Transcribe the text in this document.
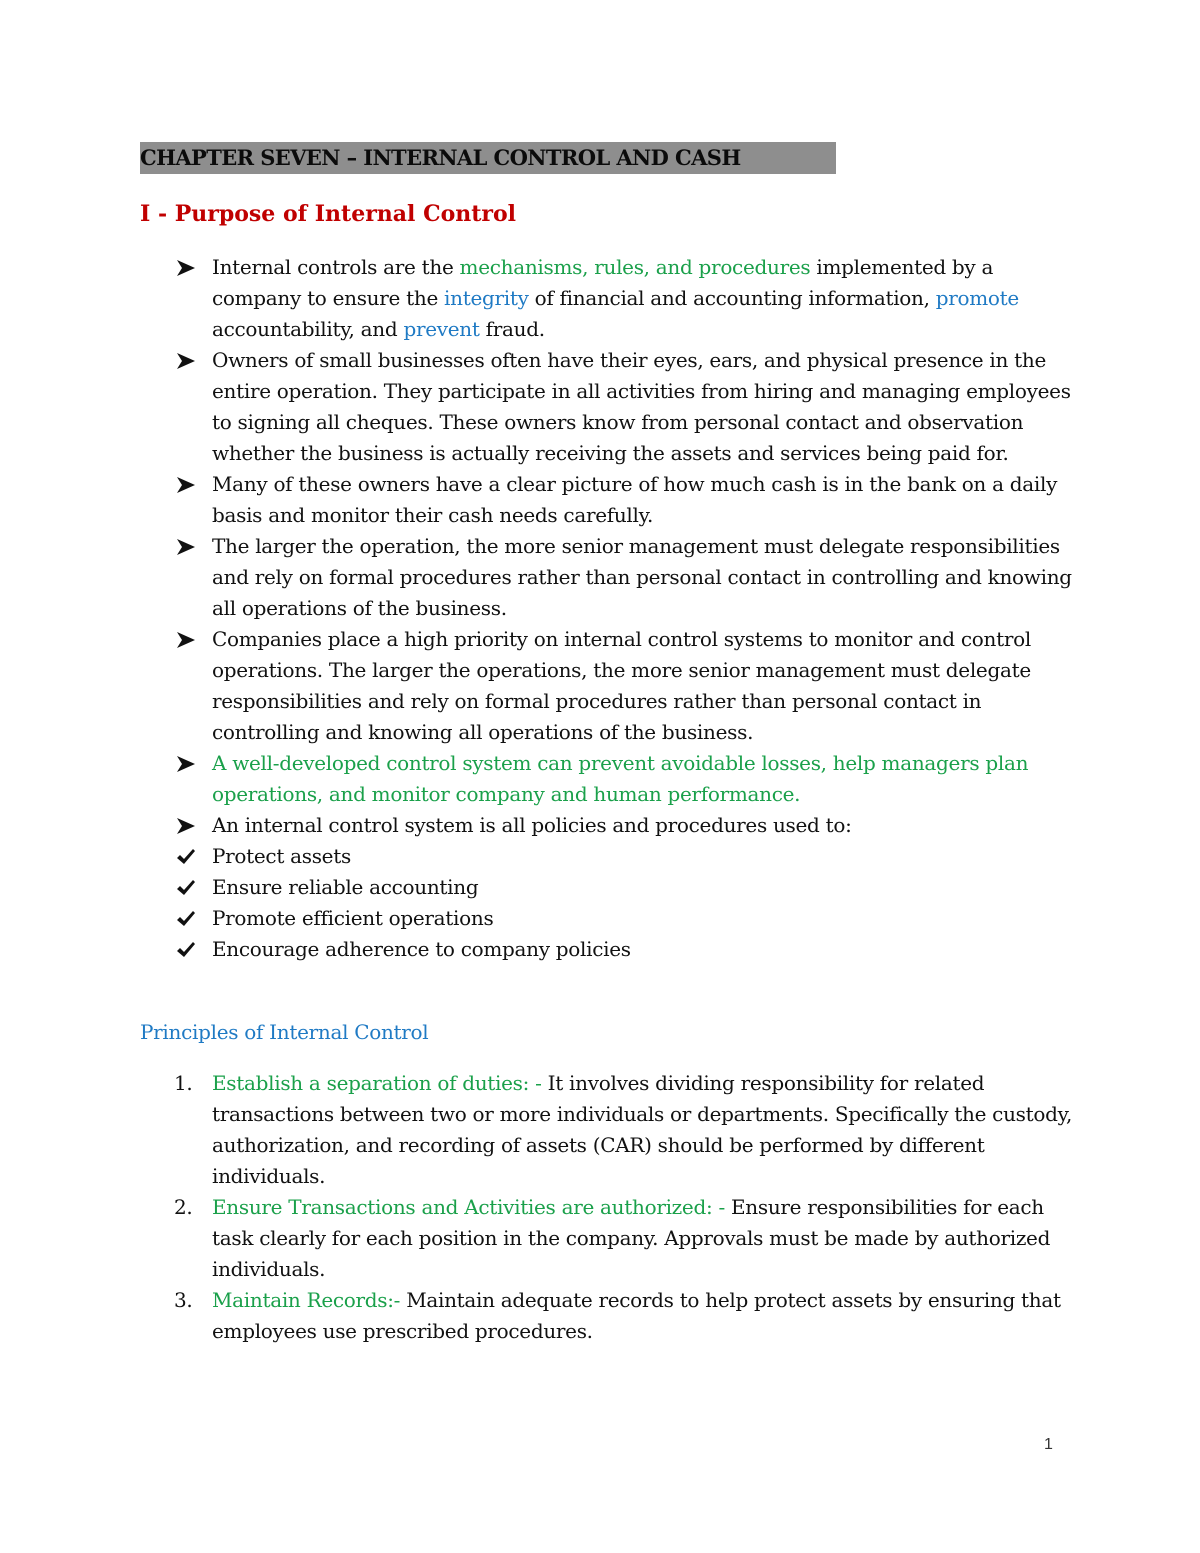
CHAPTER SEVEN – INTERNAL CONTROL AND CASH
I - Purpose of Internal Control
Internal controls are the mechanisms, rules, and procedures implemented by a company to ensure the integrity of financial and accounting information, promote accountability, and prevent fraud.
Owners of small businesses often have their eyes, ears, and physical presence in the entire operation. They participate in all activities from hiring and managing employees to signing all cheques. These owners know from personal contact and observation whether the business is actually receiving the assets and services being paid for.
Many of these owners have a clear picture of how much cash is in the bank on a daily basis and monitor their cash needs carefully.
The larger the operation, the more senior management must delegate responsibilities and rely on formal procedures rather than personal contact in controlling and knowing all operations of the business.
Companies place a high priority on internal control systems to monitor and control operations. The larger the operations, the more senior management must delegate responsibilities and rely on formal procedures rather than personal contact in controlling and knowing all operations of the business.
A well-developed control system can prevent avoidable losses, help managers plan operations, and monitor company and human performance.
An internal control system is all policies and procedures used to:
Protect assets
Ensure reliable accounting
Promote efficient operations
Encourage adherence to company policies
Principles of Internal Control
1. Establish a separation of duties: - It involves dividing responsibility for related transactions between two or more individuals or departments. Specifically the custody, authorization, and recording of assets (CAR) should be performed by different individuals.
2. Ensure Transactions and Activities are authorized: - Ensure responsibilities for each task clearly for each position in the company. Approvals must be made by authorized individuals.
3. Maintain Records:- Maintain adequate records to help protect assets by ensuring that employees use prescribed procedures.
1
